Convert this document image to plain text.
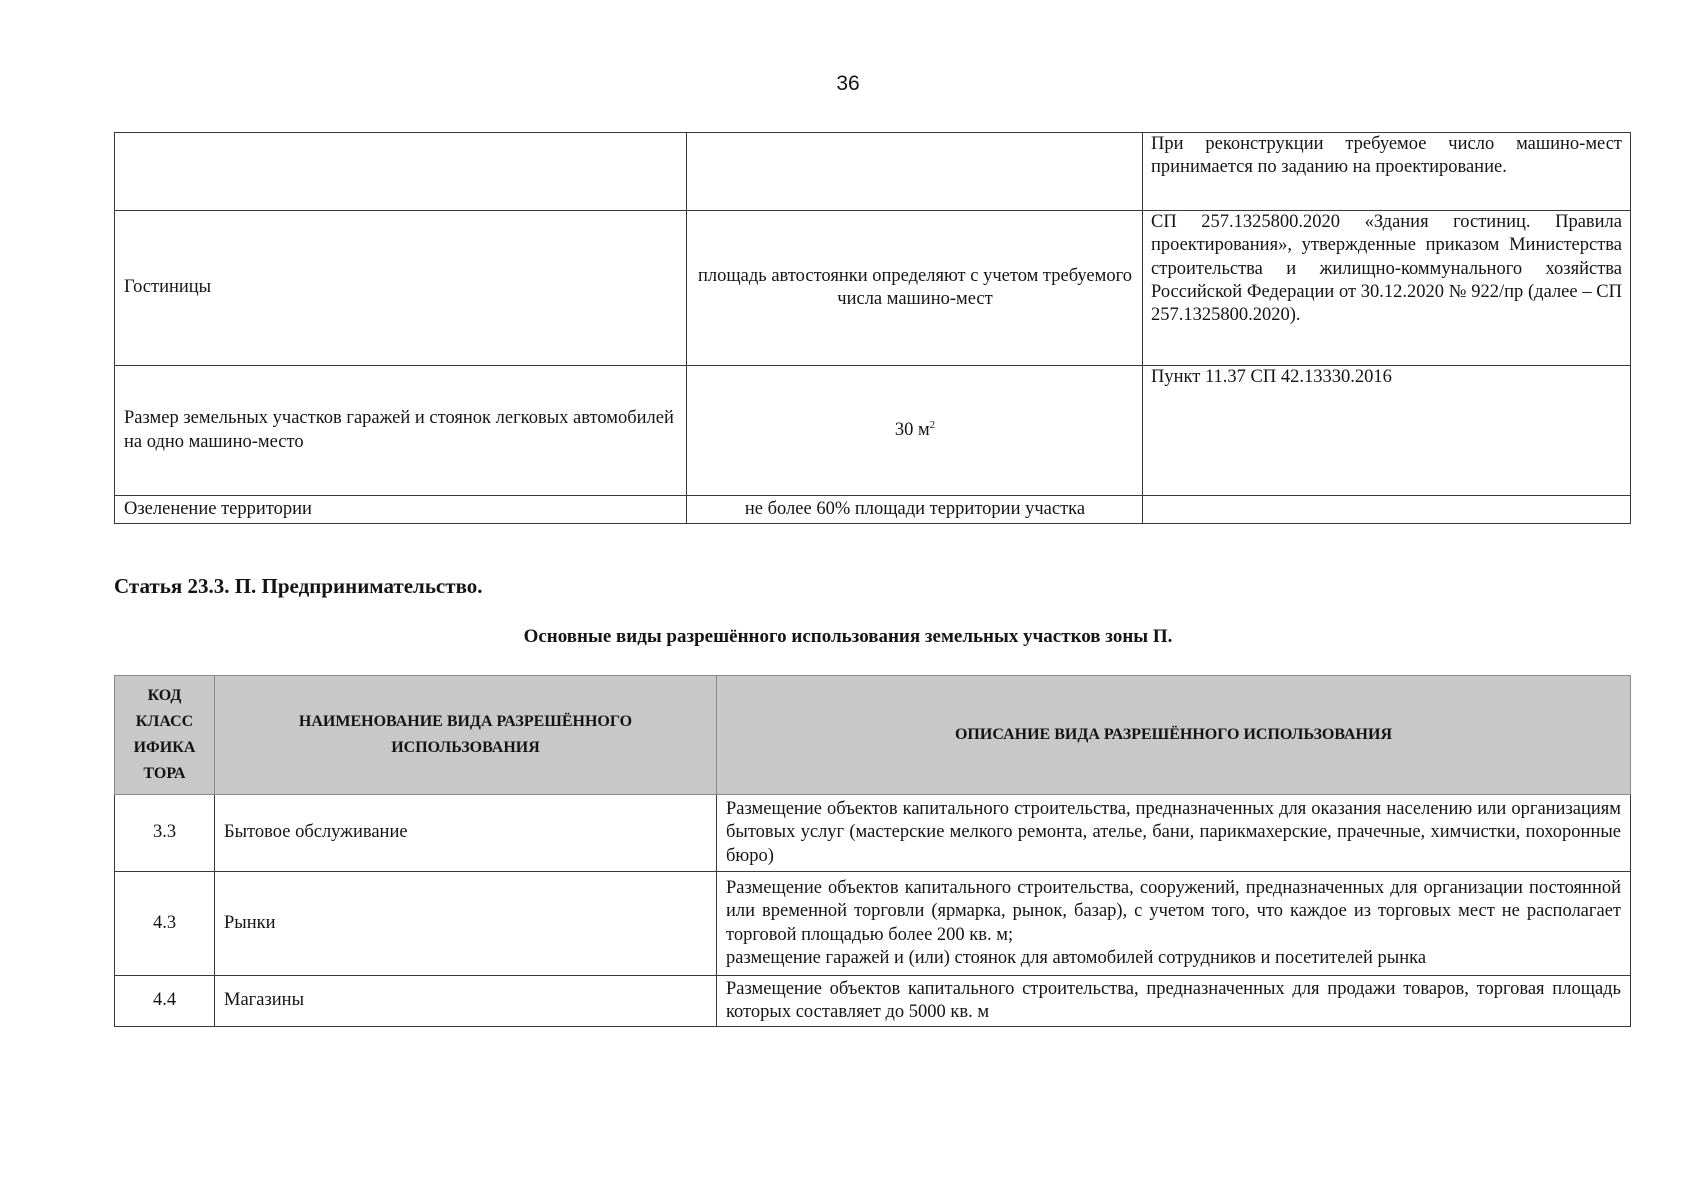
36
		При реконструкции требуемое число машино-мест принимается по заданию на проектирование.
Гостиницы	площадь автостоянки определяют с учетом требуемого числа машино-мест	СП 257.1325800.2020 «Здания гостиниц. Правила проектирования», утвержденные приказом Министерства строительства и жилищно-коммунального хозяйства Российской Федерации от 30.12.2020 № 922/пр (далее – СП 257.1325800.2020).
Размер земельных участков гаражей и стоянок легковых автомобилей на одно машино-место	30 $м^2$	Пункт 11.37 СП 42.13330.2016
Озеленение территории	не более 60% площади территории участка	

Статья 23.3. П. Предпринимательство.

Основные виды разрешённого использования земельных участков зоны П.

КОД КЛАСС ИФИКА ТОРА	НАИМЕНОВАНИЕ ВИДА РАЗРЕШЁННОГО ИСПОЛЬЗОВАНИЯ	ОПИСАНИЕ ВИДА РАЗРЕШЁННОГО ИСПОЛЬЗОВАНИЯ
3.3	Бытовое обслуживание	Размещение объектов капитального строительства, предназначенных для оказания населению или организациям бытовых услуг (мастерские мелкого ремонта, ателье, бани, парикмахерские, прачечные, химчистки, похоронные бюро)
4.3	Рынки	Размещение объектов капитального строительства, сооружений, предназначенных для организации постоянной или временной торговли (ярмарка, рынок, базар), с учетом того, что каждое из торговых мест не располагает торговой площадью более 200 кв. м;
размещение гаражей и (или) стоянок для автомобилей сотрудников и посетителей рынка
4.4	Магазины	Размещение объектов капитального строительства, предназначенных для продажи товаров, торговая площадь которых составляет до 5000 кв. м
